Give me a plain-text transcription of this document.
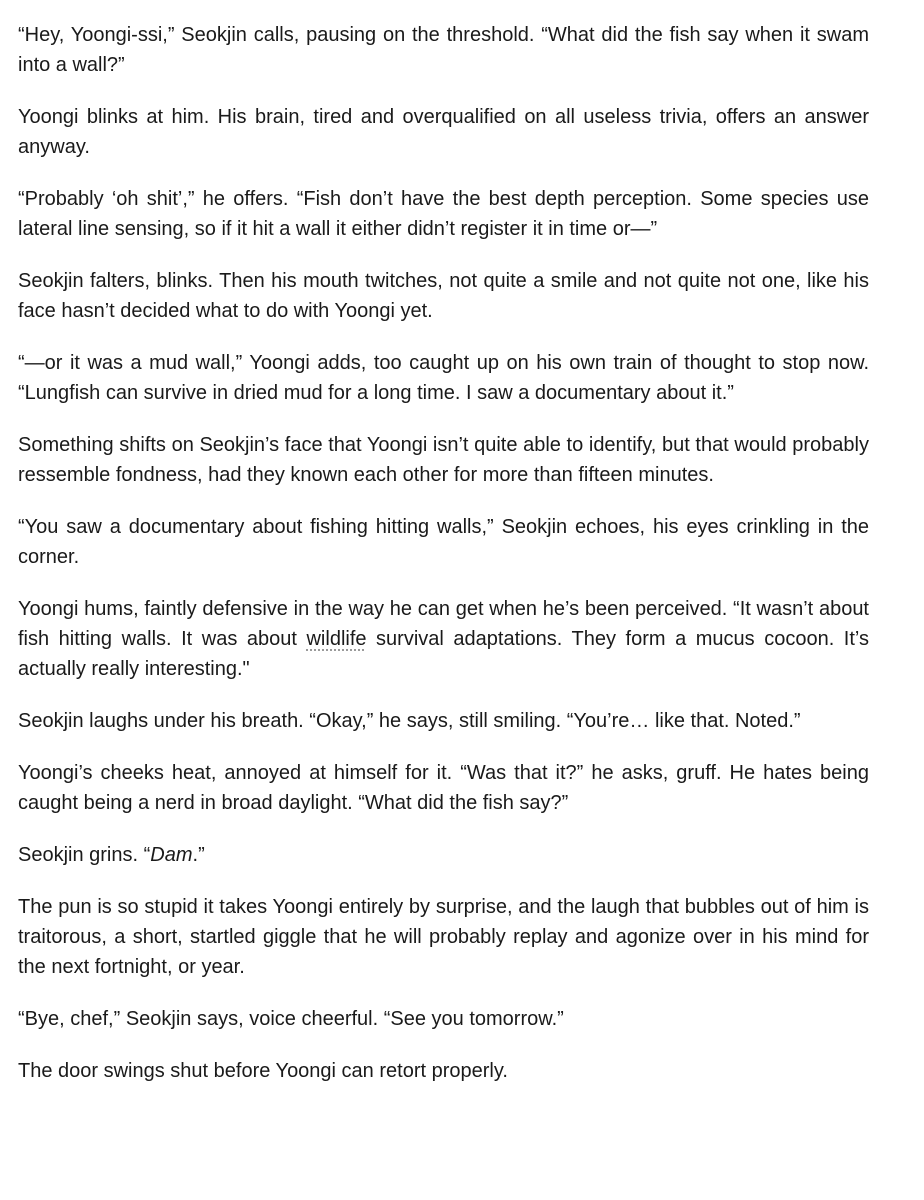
“Hey, Yoongi-ssi,” Seokjin calls, pausing on the threshold. “What did the fish say when it swam into a wall?”

Yoongi blinks at him. His brain, tired and overqualified on all useless trivia, offers an answer anyway.

“Probably ‘oh shit’,” he offers. “Fish don’t have the best depth perception. Some species use lateral line sensing, so if it hit a wall it either didn’t register it in time or—”

Seokjin falters, blinks. Then his mouth twitches, not quite a smile and not quite not one, like his face hasn’t decided what to do with Yoongi yet.

“—or it was a mud wall,” Yoongi adds, too caught up on his own train of thought to stop now. “Lungfish can survive in dried mud for a long time. I saw a documentary about it.”

Something shifts on Seokjin’s face that Yoongi isn’t quite able to identify, but that would probably ressemble fondness, had they known each other for more than fifteen minutes.

“You saw a documentary about fishing hitting walls,” Seokjin echoes, his eyes crinkling in the corner.

Yoongi hums, faintly defensive in the way he can get when he’s been perceived. “It wasn’t about fish hitting walls. It was about wildlife survival adaptations. They form a mucus cocoon. It’s actually really interesting."

Seokjin laughs under his breath. “Okay,” he says, still smiling. “You’re… like that. Noted.”

Yoongi’s cheeks heat, annoyed at himself for it. “Was that it?” he asks, gruff. He hates being caught being a nerd in broad daylight. “What did the fish say?”

Seokjin grins. “Dam.”

The pun is so stupid it takes Yoongi entirely by surprise, and the laugh that bubbles out of him is traitorous, a short, startled giggle that he will probably replay and agonize over in his mind for the next fortnight, or year.

“Bye, chef,” Seokjin says, voice cheerful. “See you tomorrow.”

The door swings shut before Yoongi can retort properly.
